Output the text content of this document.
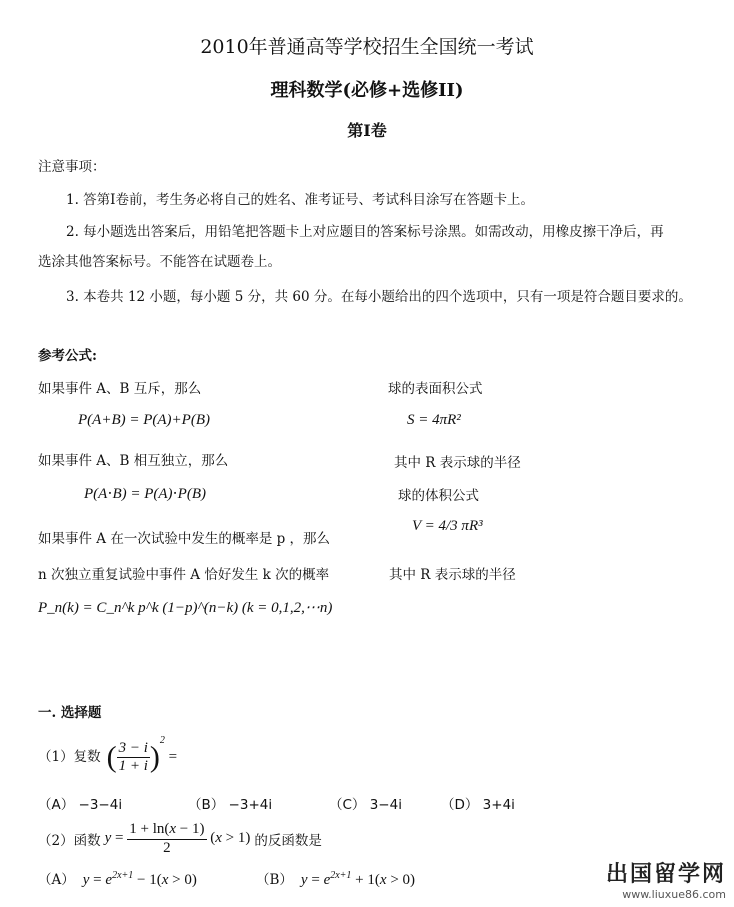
2010年普通高等学校招生全国统一考试
理科数学(必修+选修II)
第I卷
注意事项：
1. 答第I卷前，考生务必将自己的姓名、准考证号、考试科目涂写在答题卡上。
2. 每小题选出答案后，用铅笔把答题卡上对应题目的答案标号涂黑。如需改动，用橡皮擦干净后，再
选涂其他答案标号。不能答在试题卷上。
3. 本卷共 12 小题，每小题 5 分，共 60 分。在每小题给出的四个选项中，只有一项是符合题目要求的。
参考公式:
如果事件 A、B 互斥，那么
P(A+B) = P(A)+P(B)
如果事件 A、B 相互独立，那么
P(A⋅B) = P(A)⋅P(B)
如果事件 A 在一次试验中发生的概率是 p ，那么
n 次独立重复试验中事件 A 恰好发生 k 次的概率
P_n(k) = C_n^k p^k (1−p)^(n−k) (k = 0,1,2,⋯n)
球的表面积公式
S = 4πR²
其中 R 表示球的半径
球的体积公式
V = 4/3 πR³
其中 R 表示球的半径
一. 选择题
（1）复数 ( $\frac{3 - i}{1 + i} )^2$ =
（A） −3−4i	（B） −3+4i	（C） 3−4i	（D） 3+4i
（2）函数 $y = \frac{1 + \ln(x - 1)}{2} (x > 1)$ 的反函数是
（A） $y = e^{2x+1} - 1(x > 0)$	（B） $y = e^{2x+1} + 1(x > 0)$	出国留学网
www.liuxue86.com
